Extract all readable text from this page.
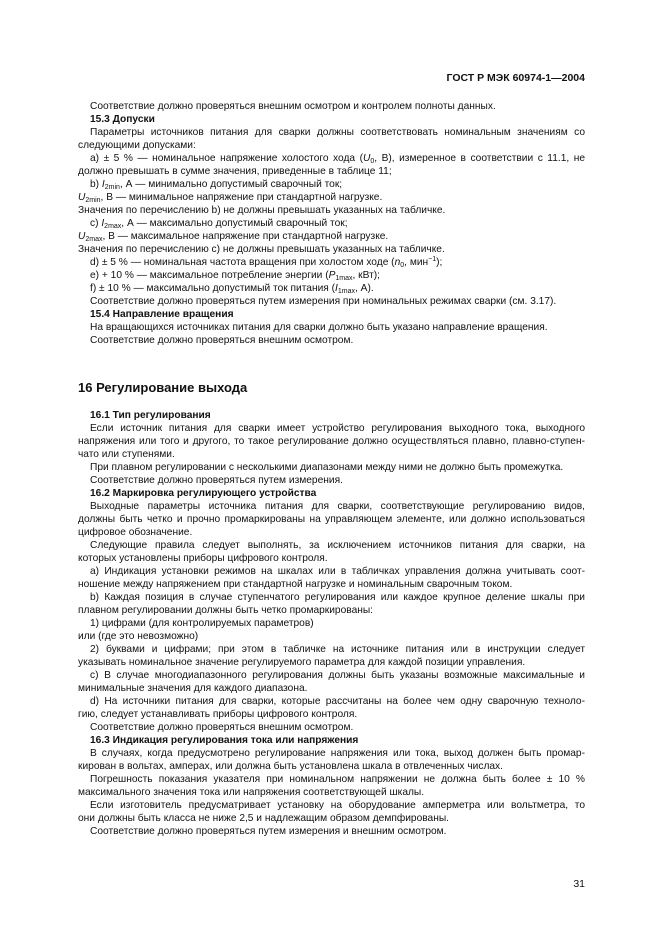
ГОСТ Р МЭК 60974-1—2004
Соответствие должно проверяться внешним осмотром и контролем полноты данных.
15.3 Допуски
Параметры источников питания для сварки должны соответствовать номинальным значениям со
следующими допусками:
a) ± 5 % — номинальное напряжение холостого хода ($U_0$, В), измеренное в соответствии с 11.1, не
должно превышать в сумме значения, приведенные в таблице 11;
b) $I_{2min}$, А — минимально допустимый сварочный ток;
$U_{2min}$, В — минимальное напряжение при стандартной нагрузке.
Значения по перечислению b) не должны превышать указанных на табличке.
c) $I_{2max}$, А — максимально допустимый сварочный ток;
$U_{2max}$, В — максимальное напряжение при стандартной нагрузке.
Значения по перечислению c) не должны превышать указанных на табличке.
d) ± 5 % — номинальная частота вращения при холостом ходе ($n_0$, мин$^{-1}$);
e) + 10 % — максимальное потребление энергии ($P_{1max}$, кВт);
f) ± 10 % — максимально допустимый ток питания ($I_{1max}$, А).
Соответствие должно проверяться путем измерения при номинальных режимах сварки (см. 3.17).
15.4 Направление вращения
На вращающихся источниках питания для сварки должно быть указано направление вращения.
Соответствие должно проверяться внешним осмотром.
16 Регулирование выхода
16.1 Тип регулирования
Если источник питания для сварки имеет устройство регулирования выходного тока, выходного
напряжения или того и другого, то такое регулирование должно осуществляться плавно, плавно-ступен-
чато или ступенями.
При плавном регулировании с несколькими диапазонами между ними не должно быть промежутка.
Соответствие должно проверяться путем измерения.
16.2 Маркировка регулирующего устройства
Выходные параметры источника питания для сварки, соответствующие регулированию видов,
должны быть четко и прочно промаркированы на управляющем элементе, или должно использоваться
цифровое обозначение.
Следующие правила следует выполнять, за исключением источников питания для сварки, на
которых установлены приборы цифрового контроля.
a) Индикация установки режимов на шкалах или в табличках управления должна учитывать соот-
ношение между напряжением при стандартной нагрузке и номинальным сварочным током.
b) Каждая позиция в случае ступенчатого регулирования или каждое крупное деление шкалы при
плавном регулировании должны быть четко промаркированы:
1) цифрами (для контролируемых параметров)
или (где это невозможно)
2) буквами и цифрами; при этом в табличке на источнике питания или в инструкции следует
указывать номинальное значение регулируемого параметра для каждой позиции управления.
c) В случае многодиапазонного регулирования должны быть указаны возможные максимальные и
минимальные значения для каждого диапазона.
d) На источники питания для сварки, которые рассчитаны на более чем одну сварочную техноло-
гию, следует устанавливать приборы цифрового контроля.
Соответствие должно проверяться внешним осмотром.
16.3 Индикация регулирования тока или напряжения
В случаях, когда предусмотрено регулирование напряжения или тока, выход должен быть промар-
кирован в вольтах, амперах, или должна быть установлена шкала в отвлеченных числах.
Погрешность показания указателя при номинальном напряжении не должна быть более ± 10 %
максимального значения тока или напряжения соответствующей шкалы.
Если изготовитель предусматривает установку на оборудование амперметра или вольтметра, то
они должны быть класса не ниже 2,5 и надлежащим образом демпфированы.
Соответствие должно проверяться путем измерения и внешним осмотром.
31
